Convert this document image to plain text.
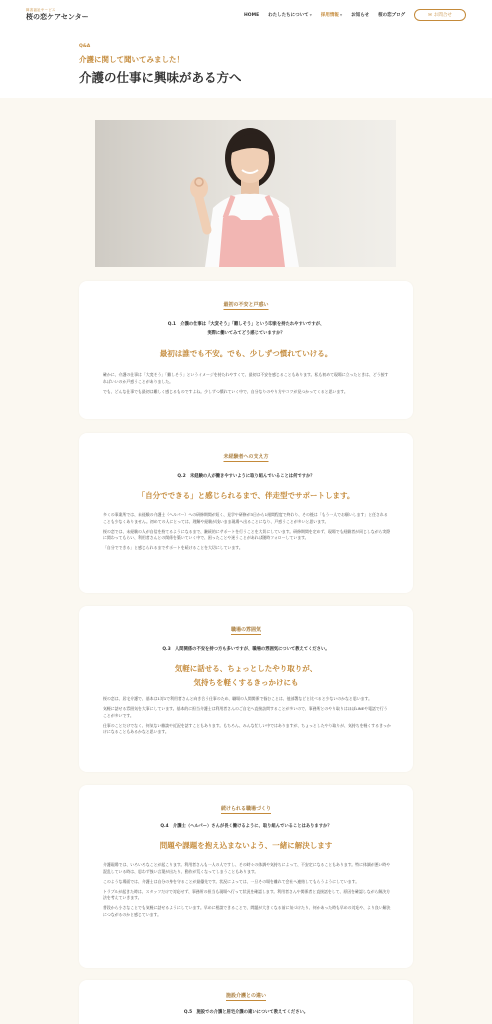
障害福祉サービス
桜の恋ケアセンター	HOME わたしたちについて ▼ 採用情報 ▼ お知らせ 桜の恋ブログ	✉ お問合せ
Q&A
介護に関して聞いてみました！
介護の仕事に興味がある方へ
最初の不安と戸惑い
Q.1　介護の仕事は「大変そう」「難しそう」という印象を持たれやすいですが、
実際に働いてみてどう感じていますか？
最初は誰でも不安。でも、少しずつ慣れていける。

確かに、介護の仕事は「大変そう」「難しそう」というイメージを持たれやすくて、最初は不安を感じることもあります。私も初めて現場に立ったときは、どう接すればいいのか戸惑うことがありました。

でも、どんな仕事でも最初は難しく感じるものですよね。少しずつ慣れていく中で、自分なりのやり方やコツが見つかってくると思います。

未経験者への支え方
Q.2　未経験の人が働きやすいように取り組んでいることは何ですか？
「自分でできる」と感じられるまで、伴走型でサポートします。

多くの事業所では、未経験の介護士（ヘルパー）への研修期間が短く、見学や研修が3日から1週間程度で終わり、その後は「もう一人でお願いします」と任されることも少なくありません。初めての人にとっては、理解や経験が浅いまま現場へ出ることになり、戸惑うことが多いと思います。

桜の恋では、未経験の人が自信を持てるようになるまで、継続的にサポートを行うことを大切にしています。研修期間を定めず、現場でも経験者が同じしながら実際に関わってもらい、利用者さんとの関係を築いていく中で、困ったことや迷うことがあれば随時フォローしています。

「自分でできる」と感じられるまでサポートを続けることを大切にしています。

職場の雰囲気
Q.3　人間関係の不安を持つ方も多いですが、職場の雰囲気について教えてください。
気軽に話せる、ちょっとしたやり取りが、
気持ちを軽くするきっかけにも

桜の恋は、居宅介護で、基本は1対1で利用者さんと向き合う仕事のため、職場の人間関係で悩むことは、他部署などと比べると少ないのかなと思います。

気軽に話せる雰囲気を大事にしています。基本的に担当介護士は利用者さんのご自宅へ直接訪問することが多いので、事務所とのやり取りはほぼLINEや電話で行うことが多いです。

仕事のことだけでなく、何気ない雑談や近況を話すこともあります。もちろん、みんな忙しい中ではありますが、ちょっとしたやり取りが、気持ちを軽くするきっかけになることもあるかなと思います。

続けられる職場づくり
Q.4　介護士（ヘルパー）さんが長く働けるように、取り組んでいることはありますか？
問題や課題を抱え込まないよう、一緒に解決します

介護現場では、いろいろなことが起こります。利用者さんも一人の人ですし、その時々の体調や気持ちによって、不安定になることもあります。特に体調が悪い時や混乱している時は、思わず強い言葉が出たり、動作が荒くなってしまうこともあります。

このような場面では、介護士は自分の身を守ることが最優先です。状況によっては、一旦その場を離れて会社へ連絡してもらうようにしています。

トラブルが起きた時は、スタッフだけで対応せず、事務所の担当も現場へ行って状況を確認します。利用者さんや関係者と直接話をして、原因を確認しながら解決方法を考えていきます。

普段から小さなことでも気軽に話せるようにしています。早めに相談できることで、問題が大きくなる前に気づけたり、何かあった時も早めの対応や、より良い解決につながるのかと感じています。

施設介護との違い
Q.5　施設での介護と居宅介護の違いについて教えてください。
